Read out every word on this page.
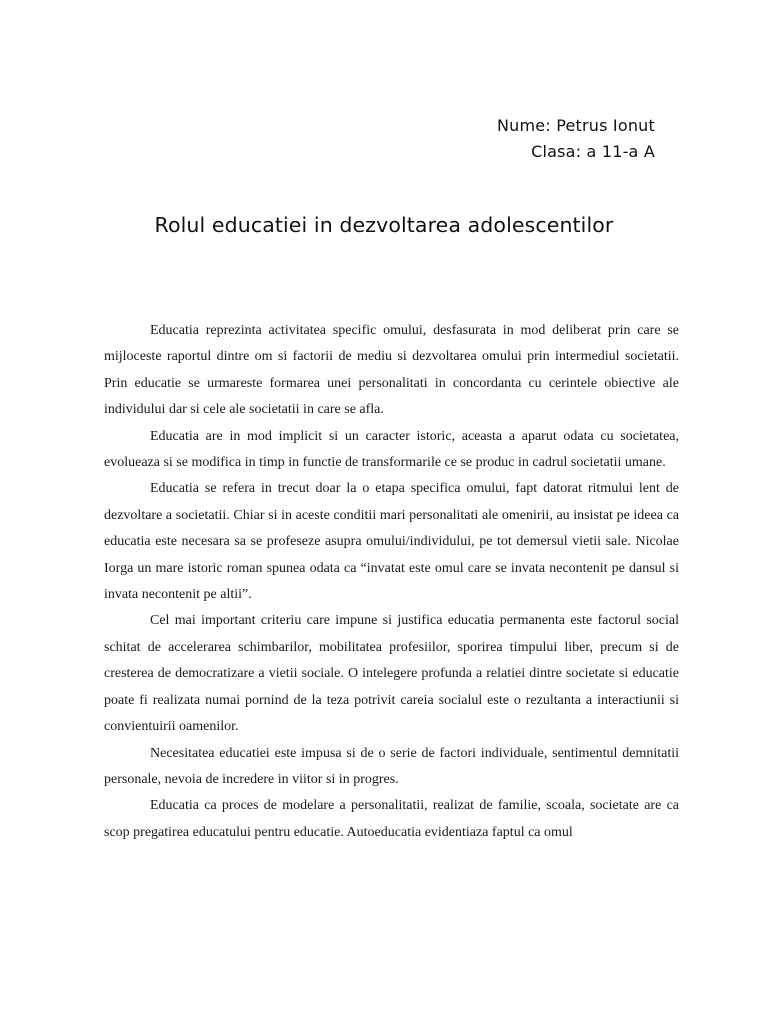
Nume: Petrus Ionut
Clasa: a 11-a A
Rolul educatiei in dezvoltarea adolescentilor

Educatia reprezinta activitatea specific omului, desfasurata in mod deliberat prin care se mijloceste raportul dintre om si factorii de mediu si dezvoltarea omului prin intermediul societatii. Prin educatie se urmareste formarea unei personalitati in concordanta cu cerintele obiective ale individului dar si cele ale societatii in care se afla.

Educatia are in mod implicit si un caracter istoric, aceasta a aparut odata cu societatea, evolueaza si se modifica in timp in functie de transformarile ce se produc in cadrul societatii umane.

Educatia se refera in trecut doar la o etapa specifica omului, fapt datorat ritmului lent de dezvoltare a societatii. Chiar si in aceste conditii mari personalitati ale omenirii, au insistat pe ideea ca educatia este necesara sa se profeseze asupra omului/individului, pe tot demersul vietii sale. Nicolae Iorga un mare istoric roman spunea odata ca “invatat este omul care se invata necontenit pe dansul si invata necontenit pe altii”.

Cel mai important criteriu care impune si justifica educatia permanenta este factorul social schitat de accelerarea schimbarilor, mobilitatea profesiilor, sporirea timpului liber, precum si de cresterea de democratizare a vietii sociale. O intelegere profunda a relatiei dintre societate si educatie poate fi realizata numai pornind de la teza potrivit careia socialul este o rezultanta a interactiunii si convientuirii oamenilor.

Necesitatea educatiei este impusa si de o serie de factori individuale, sentimentul demnitatii personale, nevoia de incredere in viitor si in progres.

Educatia ca proces de modelare a personalitatii, realizat de familie, scoala, societate are ca scop pregatirea educatului pentru educatie. Autoeducatia evidentiaza faptul ca omul
